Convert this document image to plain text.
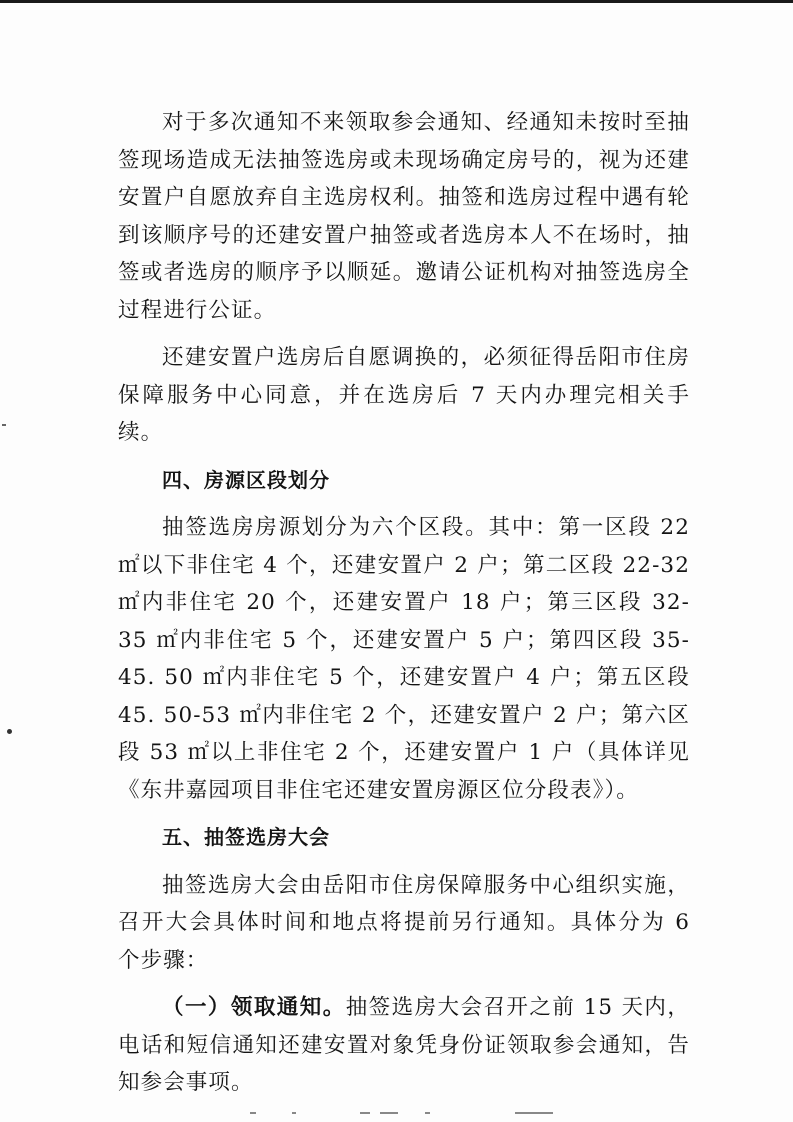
对于多次通知不来领取参会通知、经通知未按时至抽签现场造成无法抽签选房或未现场确定房号的，视为还建安置户自愿放弃自主选房权利。抽签和选房过程中遇有轮到该顺序号的还建安置户抽签或者选房本人不在场时，抽签或者选房的顺序予以顺延。邀请公证机构对抽签选房全过程进行公证。

还建安置户选房后自愿调换的，必须征得岳阳市住房保障服务中心同意，并在选房后 7 天内办理完相关手续。

四、房源区段划分

抽签选房房源划分为六个区段。其中：第一区段 22 ㎡以下非住宅 4 个，还建安置户 2 户；第二区段 22-32 ㎡内非住宅 20 个，还建安置户 18 户；第三区段 32-35 ㎡内非住宅 5 个，还建安置户 5 户；第四区段 35-45. 50 ㎡内非住宅 5 个，还建安置户 4 户；第五区段 45. 50-53 ㎡内非住宅 2 个，还建安置户 2 户；第六区段 53 ㎡以上非住宅 2 个，还建安置户 1 户（具体详见《东井嘉园项目非住宅还建安置房源区位分段表》）。

五、抽签选房大会

抽签选房大会由岳阳市住房保障服务中心组织实施，召开大会具体时间和地点将提前另行通知。具体分为 6 个步骤：

（一）领取通知。抽签选房大会召开之前 15 天内，电话和短信通知还建安置对象凭身份证领取参会通知，告知参会事项。
